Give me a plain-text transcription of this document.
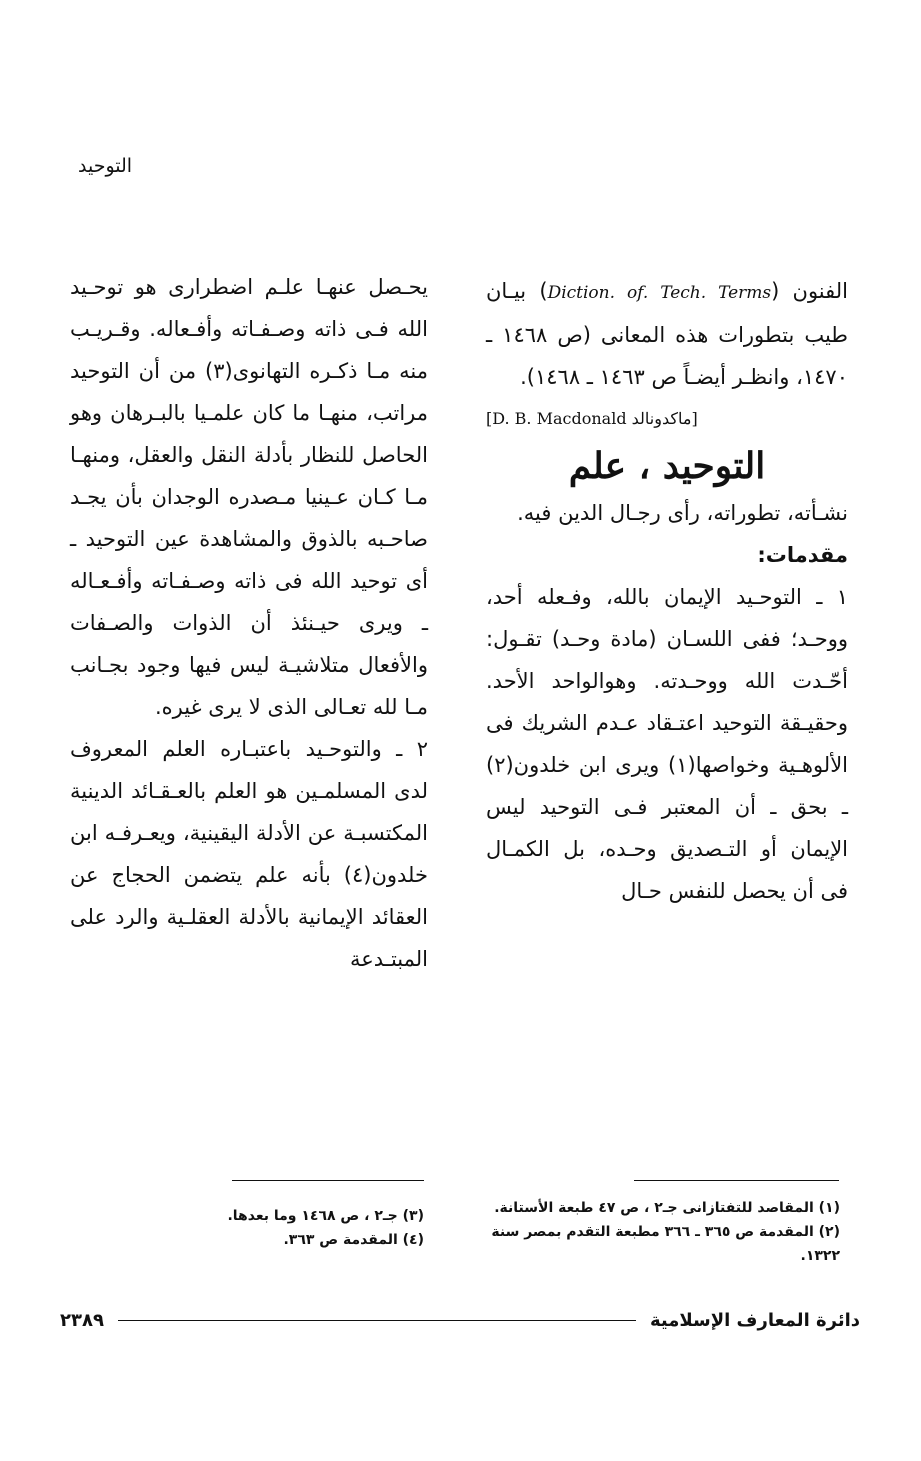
التوحيد

الفنون (Diction. of. Tech. Terms) بيـان طيب بتطورات هذه المعانى (ص ١٤٦٨ ـ ١٤٧٠، وانظـر أيضـاً ص ١٤٦٣ ـ ١٤٦٨).

[D. B. Macdonald ماكدونالد]

التوحيد ، علم

نشـأته، تطوراته، رأى رجـال الدين فيه.

مقدمات:

١ ـ التوحـيد الإيمان بالله، وفـعله أحد، ووحـد؛ ففى اللسـان (مادة وحـد) تقـول: أحّـدت الله ووحـدته. وهوالواحد الأحد. وحقيـقة التوحيد اعتـقاد عـدم الشريك فى الألوهـية وخواصها(١) ويرى ابن خلدون(٢) ـ بحق ـ أن المعتبر فـى التوحيد ليس الإيمان أو التـصديق وحـده، بل الكمـال فى أن يحصل للنفس حـال

يحـصل عنهـا علـم اضطرارى هو توحـيد الله فـى ذاته وصـفـاته وأفـعاله. وقـريـب منه مـا ذكـره التهانوى(٣) من أن التوحيد مراتب، منهـا ما كان علمـيا بالبـرهان وهو الحاصل للنظار بأدلة النقل والعقل، ومنهـا مـا كـان عـينيا مـصدره الوجدان بأن يجـد صاحـبه بالذوق والمشاهدة عين التوحيد ـ أى توحيد الله فى ذاته وصـفـاته وأفـعـاله ـ ويرى حيـنئذ أن الذوات والصـفات والأفعال متلاشيـة ليس فيها وجود بجـانب مـا لله تعـالى الذى لا يرى غيره.

٢ ـ والتوحـيد باعتبـاره العلم المعروف لدى المسلمـين هو العلم بالعـقـائد الدينية المكتسبـة عن الأدلة اليقينية، ويعـرفـه ابن خلدون(٤) بأنه علم يتضمن الحجاج عن العقائد الإيمانية بالأدلة العقلـية والرد على المبتـدعة

(١) المقاصد للتفتازانى جـ٢ ، ص ٤٧ طبعة الأستانة.
(٢) المقدمة ص ٣٦٥ ـ ٣٦٦ مطبعة التقدم بمصر سنة ١٣٢٢.
(٣) جـ٢ ، ص ١٤٦٨ وما بعدها.
(٤) المقدمة ص ٣٦٣.
٢٣٨٩	دائرة المعارف الإسلامية
